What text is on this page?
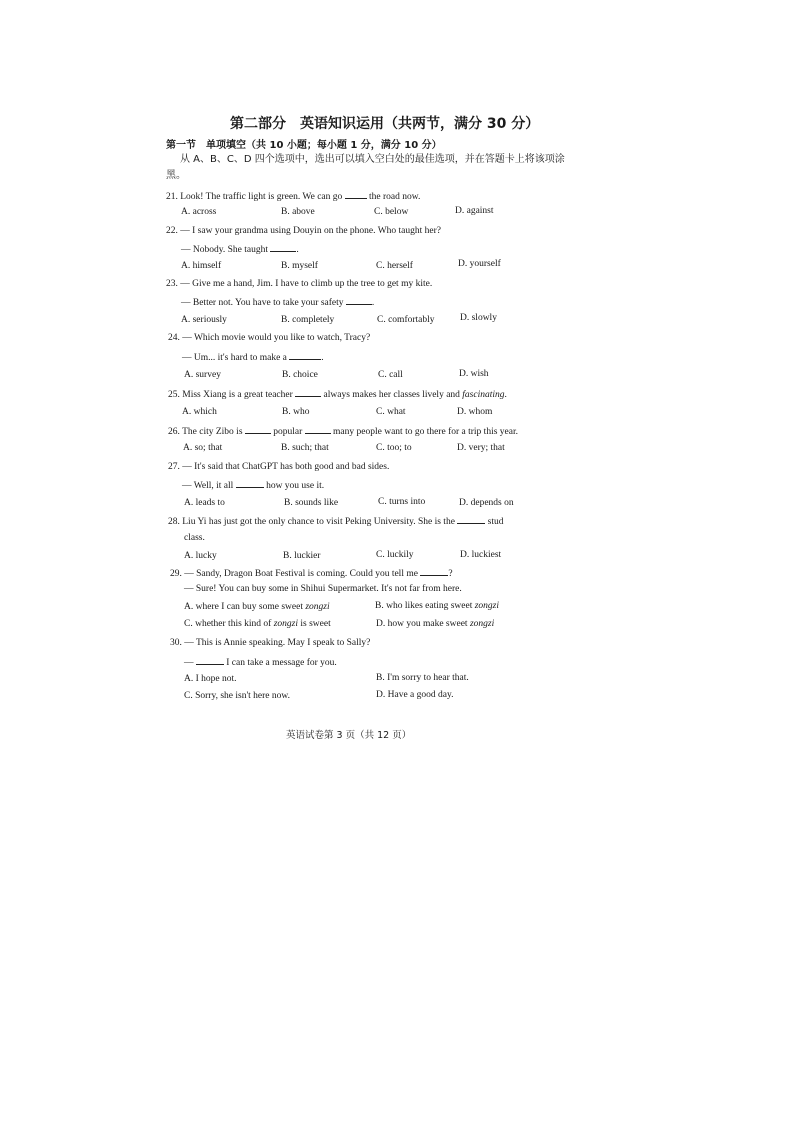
第二部分　英语知识运用（共两节，满分 30 分）
第一节　单项填空（共 10 小题；每小题 1 分，满分 10 分）
从 A、B、C、D 四个选项中，选出可以填入空白处的最佳选项，并在答题卡上将该项涂黑。
21. Look! The traffic light is green. We can go	the road now.
A. across	B. above	C. below	D. against
22. — I saw your grandma using Douyin on the phone. Who taught her?
— Nobody. She taught	.
A. himself	B. myself	C. herself	D. yourself
23. — Give me a hand, Jim. I have to climb up the tree to get my kite.
— Better not. You have to take your safety	.
A. seriously	B. completely	C. comfortably	D. slowly
24. — Which movie would you like to watch, Tracy?
— Um... it's hard to make a	.
A. survey	B. choice	C. call	D. wish
25. Miss Xiang is a great teacher	always makes her classes lively and fascinating.
A. which	B. who	C. what	D. whom
26. The city Zibo is	popular	many people want to go there for a trip this year.
A. so; that	B. such; that	C. too; to	D. very; that
27. — It's said that ChatGPT has both good and bad sides.
— Well, it all	how you use it.
A. leads to	B. sounds like	C. turns into	D. depends on
28. Liu Yi has just got the only chance to visit Peking University. She is the	stud
class.
A. lucky	B. luckier	C. luckily	D. luckiest
29. — Sandy, Dragon Boat Festival is coming. Could you tell me	?
— Sure! You can buy some in Shihui Supermarket. It's not far from here.
A. where I can buy some sweet zongzi	B. who likes eating sweet zongzi
C. whether this kind of zongzi is sweet	D. how you make sweet zongzi
30. — This is Annie speaking. May I speak to Sally?
—	I can take a message for you.
A. I hope not.	B. I'm sorry to hear that.
C. Sorry, she isn't here now.	D. Have a good day.
英语试卷第 3 页（共 12 页）
